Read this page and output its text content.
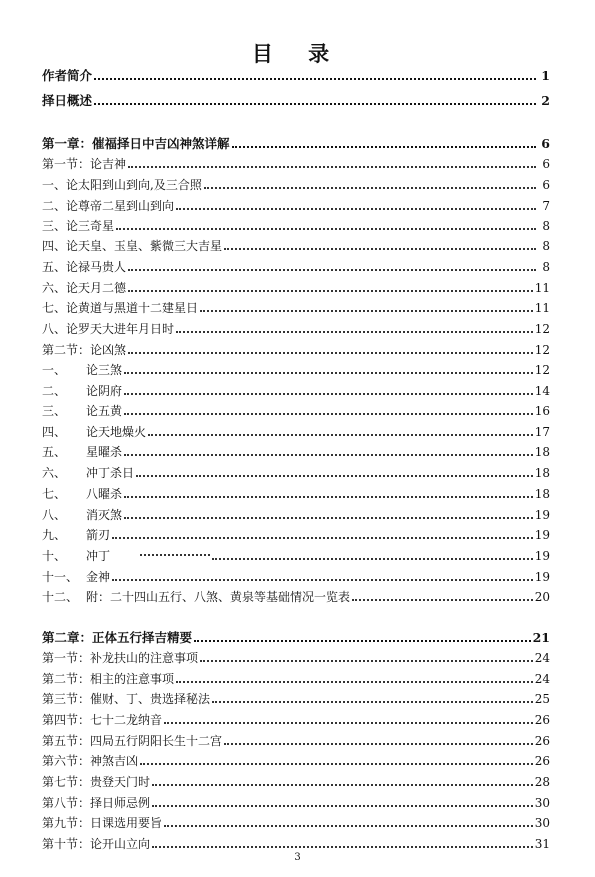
目 录
作者简介	1
择日概述	2
第一章：催福择日中吉凶神煞详解	6
第一节：论吉神	6
一、论太阳到山到向,及三合照	6
二、论尊帝二星到山到向	7
三、论三奇星	8
四、论天皇、玉皇、紫微三大吉星	8
五、论禄马贵人	8
六、论天月二德	11
七、论黄道与黑道十二建星日	11
八、论罗天大进年月日时	12
第二节：论凶煞	12
一、 论三煞	12
二、 论阴府	14
三、 论五黄	16
四、 论天地燥火	17
五、 星曜杀	18
六、 冲丁杀日	18
七、 八曜杀	18
八、 消灭煞	19
九、 箭刃	19
十、 冲丁	19
十一、 金神	19
十二、 附：二十四山五行、八煞、黄泉等基础情况一览表	20
第二章：正体五行择吉精要	21
第一节：补龙扶山的注意事项	24
第二节：相主的注意事项	24
第三节：催财、丁、贵选择秘法	25
第四节：七十二龙纳音	26
第五节：四局五行阴阳长生十二宫	26
第六节：神煞吉凶	26
第七节：贵登天门时	28
第八节：择日师忌例	30
第九节：日课选用要旨	30
第十节：论开山立向	31
3
